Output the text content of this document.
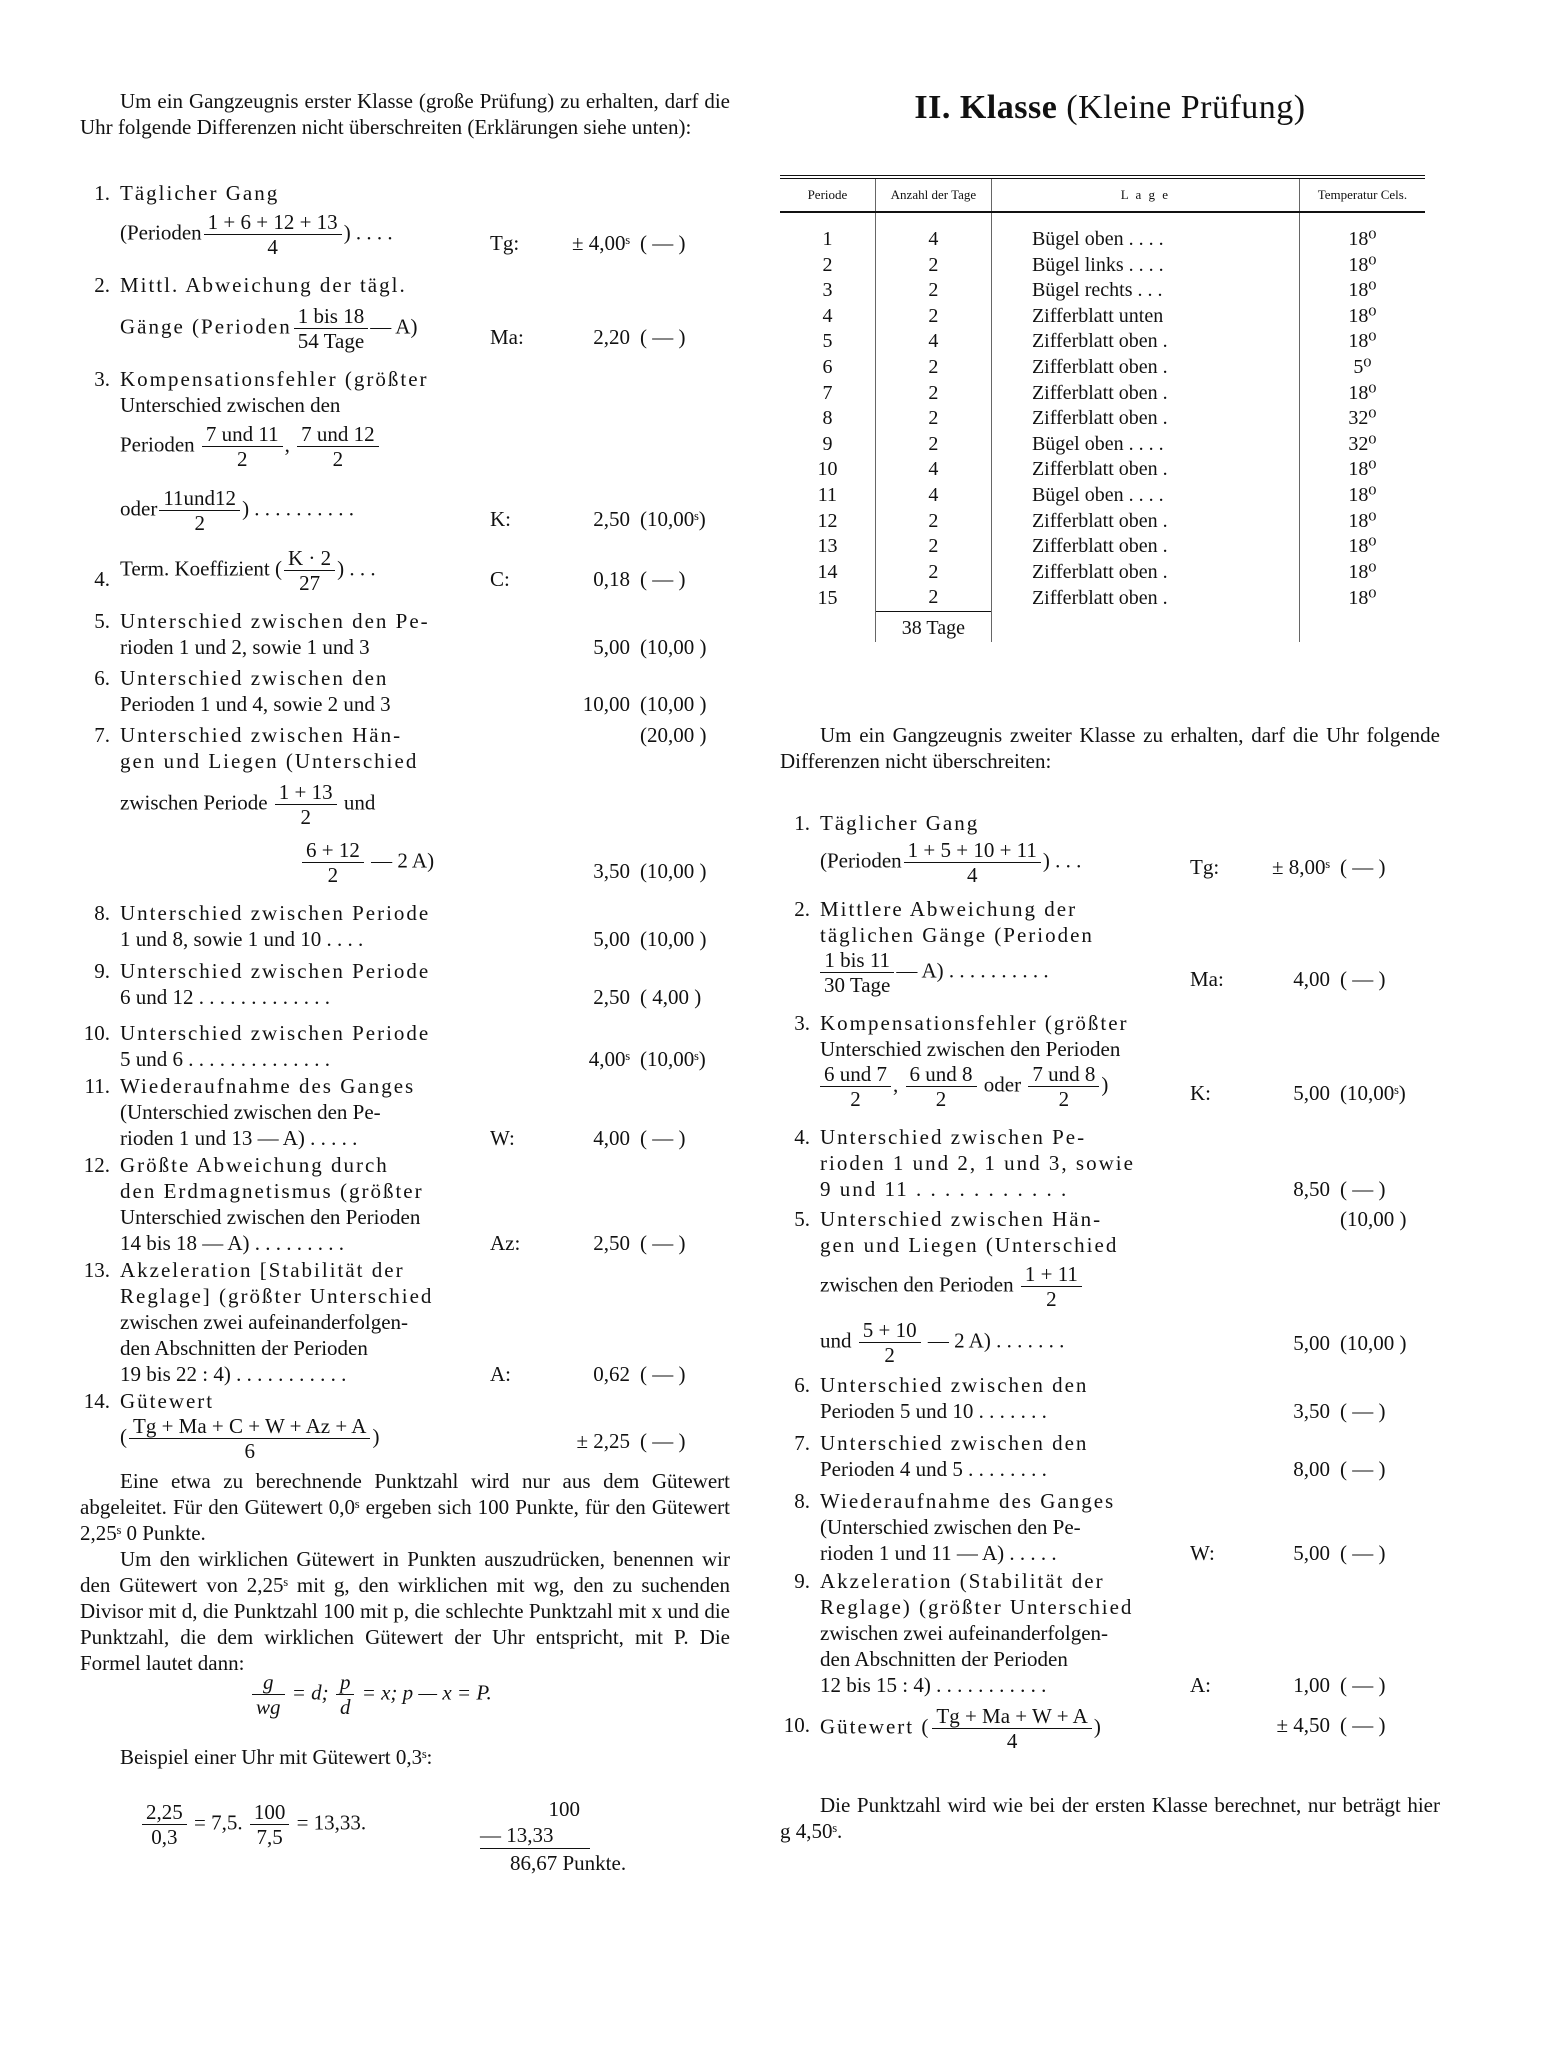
Um ein Gangzeugnis erster Klasse (große Prüfung) zu erhalten, darf die Uhr folgende Differenzen nicht überschreiten (Erklärungen siehe unten):
1. Täglicher Gang
(Perioden $\frac{1 + 6 + 12 + 13}{4}$ ) . . . .	Tg:	± 4,00ˢ ( — )
2. Mittl. Abweichung der tägl.
Gänge (Perioden $\frac{\text{1 bis 18}}{\text{54 Tage}}$ — A)	Ma:	2,20 ( — )
3. Kompensationsfehler (größter
Unterschied zwischen den
Perioden $\frac{\text{7 und 11}}{2}$ , $\frac{\text{7 und 12}}{2}$
oder $\frac{\text{11und12}}{2}$ ) . . . . . . . . . .	K:	2,50 (10,00ˢ)
4. Term. Koeffizient ( $\frac{K \cdot 2}{27}$ ) . . .	C:	0,18 ( — )
5. Unterschied zwischen den Pe-
rioden 1 und 2, sowie 1 und 3	5,00 (10,00 )
6. Unterschied zwischen den
Perioden 1 und 4, sowie 2 und 3	10,00 (10,00 )
7. Unterschied zwischen Hän-	(20,00 )
gen und Liegen (Unterschied
zwischen Periode $\frac{1 + 13}{2}$ und
$\frac{6 + 12}{2}$ — 2 A)	3,50 (10,00 )
8. Unterschied zwischen Periode
1 und 8, sowie 1 und 10 . . . .	5,00 (10,00 )
9. Unterschied zwischen Periode
6 und 12 . . . . . . . . . . . . .	2,50 ( 4,00 )
10. Unterschied zwischen Periode
5 und 6 . . . . . . . . . . . . . .	4,00ˢ (10,00ˢ)
11. Wiederaufnahme des Ganges
(Unterschied zwischen den Pe-
rioden 1 und 13 — A) . . . . .	W:	4,00 ( — )
12. Größte Abweichung durch
den Erdmagnetismus (größter
Unterschied zwischen den Perioden
14 bis 18 — A) . . . . . . . . .	Az:	2,50 ( — )
13. Akzeleration [Stabilität der
Reglage] (größter Unterschied
zwischen zwei aufeinanderfolgen-
den Abschnitten der Perioden
19 bis 22 : 4) . . . . . . . . . . .	A:	0,62 ( — )
14. Gütewert
( $\frac{Tg + Ma + C + W + Az + A}{6}$ )	± 2,25 ( — )
Eine etwa zu berechnende Punktzahl wird nur aus dem Gütewert abgeleitet. Für den Gütewert 0,0ˢ ergeben sich 100 Punkte, für den Gütewert 2,25ˢ 0 Punkte.
Um den wirklichen Gütewert in Punkten auszudrücken, benennen wir den Gütewert von 2,25ˢ mit g, den wirklichen mit wg, den zu suchenden Divisor mit d, die Punktzahl 100 mit p, die schlechte Punktzahl mit x und die Punktzahl, die dem wirklichen Gütewert der Uhr entspricht, mit P. Die Formel lautet dann:
$\frac{g}{wg} = d$; $\frac{p}{d} = x$; p — x = P.
Beispiel einer Uhr mit Gütewert 0,3ˢ:
$\frac{2,25}{0,3} = 7,5$. $\frac{100}{7,5} = 13,33$.
100
— 13,33
86,67 Punkte.
II. Klasse (Kleine Prüfung)
Periode	Anzahl der Tage	L a g e	Temperatur Cels.
1	4	Bügel oben . . . .	18⁰
2	2	Bügel links . . . .	18⁰
3	2	Bügel rechts . . .	18⁰
4	2	Zifferblatt unten	18⁰
5	4	Zifferblatt oben .	18⁰
6	2	Zifferblatt oben .	5⁰
7	2	Zifferblatt oben .	18⁰
8	2	Zifferblatt oben .	32⁰
9	2	Bügel oben . . . .	32⁰
10	4	Zifferblatt oben .	18⁰
11	4	Bügel oben . . . .	18⁰
12	2	Zifferblatt oben .	18⁰
13	2	Zifferblatt oben .	18⁰
14	2	Zifferblatt oben .	18⁰
15	2	Zifferblatt oben .	18⁰
	38 Tage		
Um ein Gangzeugnis zweiter Klasse zu erhalten, darf die Uhr folgende Differenzen nicht überschreiten:
1. Täglicher Gang
(Perioden $\frac{1 + 5 + 10 + 11}{4}$ ) . . .	Tg:	± 8,00ˢ ( — )
2. Mittlere Abweichung der
täglichen Gänge (Perioden
$\frac{\text{1 bis 11}}{\text{30 Tage}}$ — A) . . . . . . . . . .	Ma:	4,00 ( — )
3. Kompensationsfehler (größter
Unterschied zwischen den Perioden
$\frac{\text{6 und 7}}{2}$ , $\frac{\text{6 und 8}}{2}$ oder $\frac{\text{7 und 8}}{2}$ )	K:	5,00 (10,00ˢ)
4. Unterschied zwischen Pe-
rioden 1 und 2, 1 und 3, sowie
9 und 11 . . . . . . . . . . .	8,50 ( — )
5. Unterschied zwischen Hän-	(10,00 )
gen und Liegen (Unterschied
zwischen den Perioden $\frac{1 + 11}{2}$
und $\frac{5 + 10}{2}$ — 2 A) . . . . . . .	5,00 (10,00 )
6. Unterschied zwischen den
Perioden 5 und 10 . . . . . . .	3,50 ( — )
7. Unterschied zwischen den
Perioden 4 und 5 . . . . . . . .	8,00 ( — )
8. Wiederaufnahme des Ganges
(Unterschied zwischen den Pe-
rioden 1 und 11 — A) . . . . .	W:	5,00 ( — )
9. Akzeleration (Stabilität der
Reglage) (größter Unterschied
zwischen zwei aufeinanderfolgen-
den Abschnitten der Perioden
12 bis 15 : 4) . . . . . . . . . . .	A:	1,00 ( — )
10. Gütewert ( $\frac{Tg + Ma + W + A}{4}$ )	± 4,50 ( — )
Die Punktzahl wird wie bei der ersten Klasse berechnet, nur beträgt hier g 4,50ˢ.
